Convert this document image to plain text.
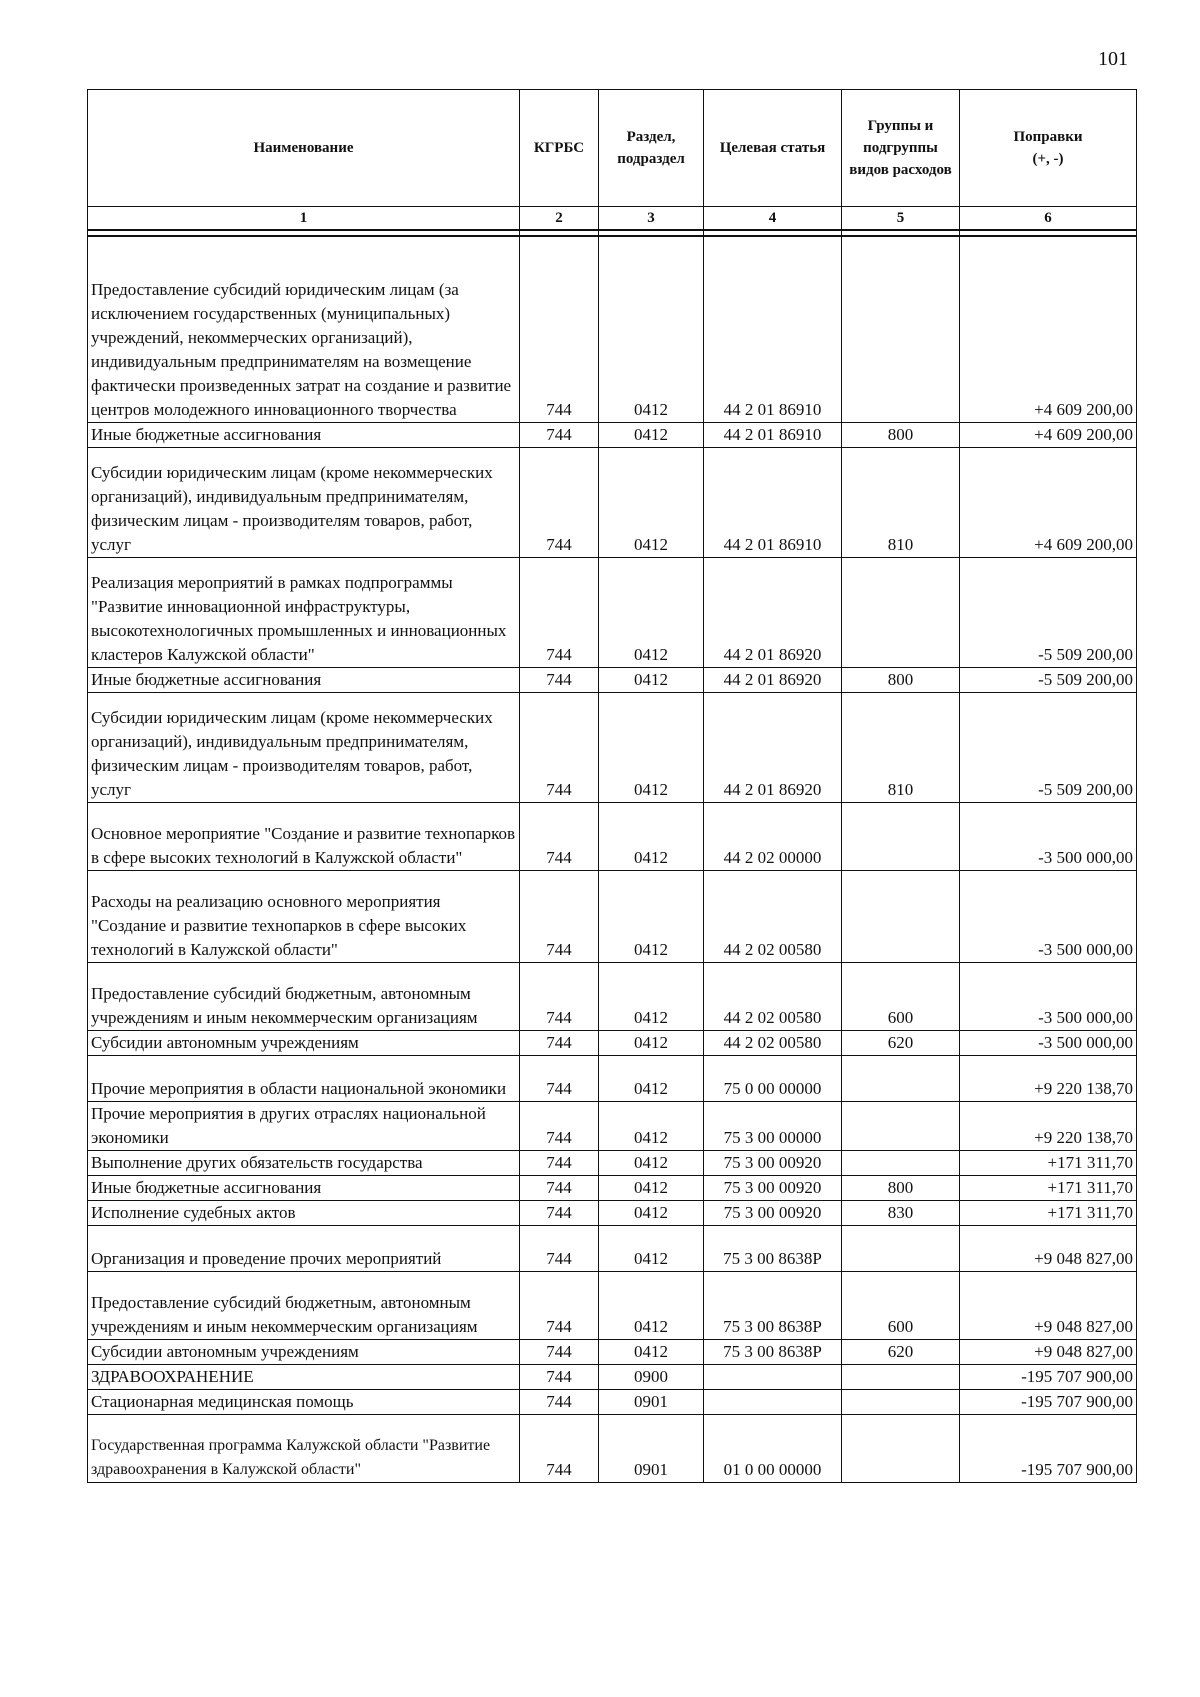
101
Наименование	КГРБС	Раздел, подраздел	Целевая статья	Группы и подгруппы видов расходов	Поправки
(+, -)

1	2	3	4	5	6

Предоставление субсидий юридическим лицам (за исключением государственных (муниципальных) учреждений, некоммерческих организаций), индивидуальным предпринимателям на возмещение фактически произведенных затрат на создание и развитие центров молодежного инновационного творчества	744	0412	44 2 01 86910		+4 609 200,00
Иные бюджетные ассигнования	744	0412	44 2 01 86910	800	+4 609 200,00
Субсидии юридическим лицам (кроме некоммерческих организаций), индивидуальным предпринимателям, физическим лицам - производителям товаров, работ, услуг	744	0412	44 2 01 86910	810	+4 609 200,00
Реализация мероприятий в рамках подпрограммы "Развитие инновационной инфраструктуры, высокотехнологичных промышленных и инновационных кластеров Калужской области"	744	0412	44 2 01 86920		-5 509 200,00
Иные бюджетные ассигнования	744	0412	44 2 01 86920	800	-5 509 200,00
Субсидии юридическим лицам (кроме некоммерческих организаций), индивидуальным предпринимателям, физическим лицам - производителям товаров, работ, услуг	744	0412	44 2 01 86920	810	-5 509 200,00
Основное мероприятие "Создание и развитие технопарков в сфере высоких технологий в Калужской области"	744	0412	44 2 02 00000		-3 500 000,00
Расходы на реализацию основного мероприятия "Создание и развитие технопарков в сфере высоких технологий в Калужской области"	744	0412	44 2 02 00580		-3 500 000,00
Предоставление субсидий бюджетным, автономным учреждениям и иным некоммерческим организациям	744	0412	44 2 02 00580	600	-3 500 000,00
Субсидии автономным учреждениям	744	0412	44 2 02 00580	620	-3 500 000,00
Прочие мероприятия в области национальной экономики	744	0412	75 0 00 00000		+9 220 138,70
Прочие мероприятия в других отраслях национальной экономики	744	0412	75 3 00 00000		+9 220 138,70
Выполнение других обязательств государства	744	0412	75 3 00 00920		+171 311,70
Иные бюджетные ассигнования	744	0412	75 3 00 00920	800	+171 311,70
Исполнение судебных актов	744	0412	75 3 00 00920	830	+171 311,70
Организация и проведение прочих мероприятий	744	0412	75 3 00 8638P		+9 048 827,00
Предоставление субсидий бюджетным, автономным учреждениям и иным некоммерческим организациям	744	0412	75 3 00 8638P	600	+9 048 827,00
Субсидии автономным учреждениям	744	0412	75 3 00 8638P	620	+9 048 827,00
ЗДРАВООХРАНЕНИЕ	744	0900			-195 707 900,00
Стационарная медицинская помощь	744	0901			-195 707 900,00
Государственная программа Калужской области "Развитие здравоохранения в Калужской области"	744	0901	01 0 00 00000		-195 707 900,00
